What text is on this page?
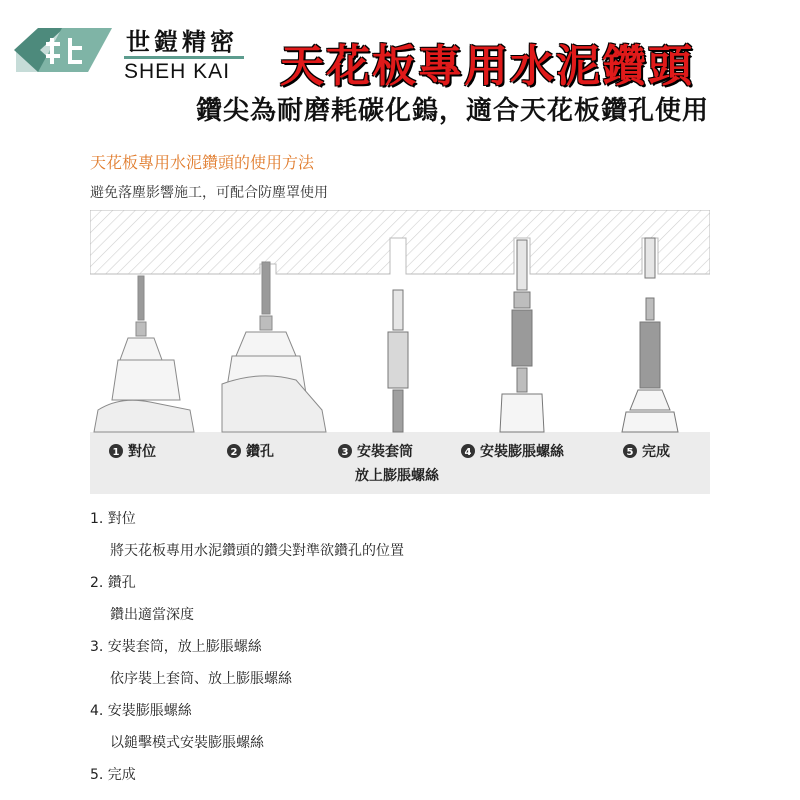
世鎧精密
SHEH KAI 天花板專用水泥鑽頭
鑽尖為耐磨耗碳化鎢，適合天花板鑽孔使用
天花板專用水泥鑽頭的使用方法
避免落塵影響施工，可配合防塵罩使用
1 對位	2 鑽孔	3 安裝套筒
放上膨脹螺絲
4 安裝膨脹螺絲	5 完成
1. 對位
將天花板專用水泥鑽頭的鑽尖對準欲鑽孔的位置
2. 鑽孔
鑽出適當深度
3. 安裝套筒，放上膨脹螺絲
依序裝上套筒、放上膨脹螺絲
4. 安裝膨脹螺絲
以鎚擊模式安裝膨脹螺絲
5. 完成
